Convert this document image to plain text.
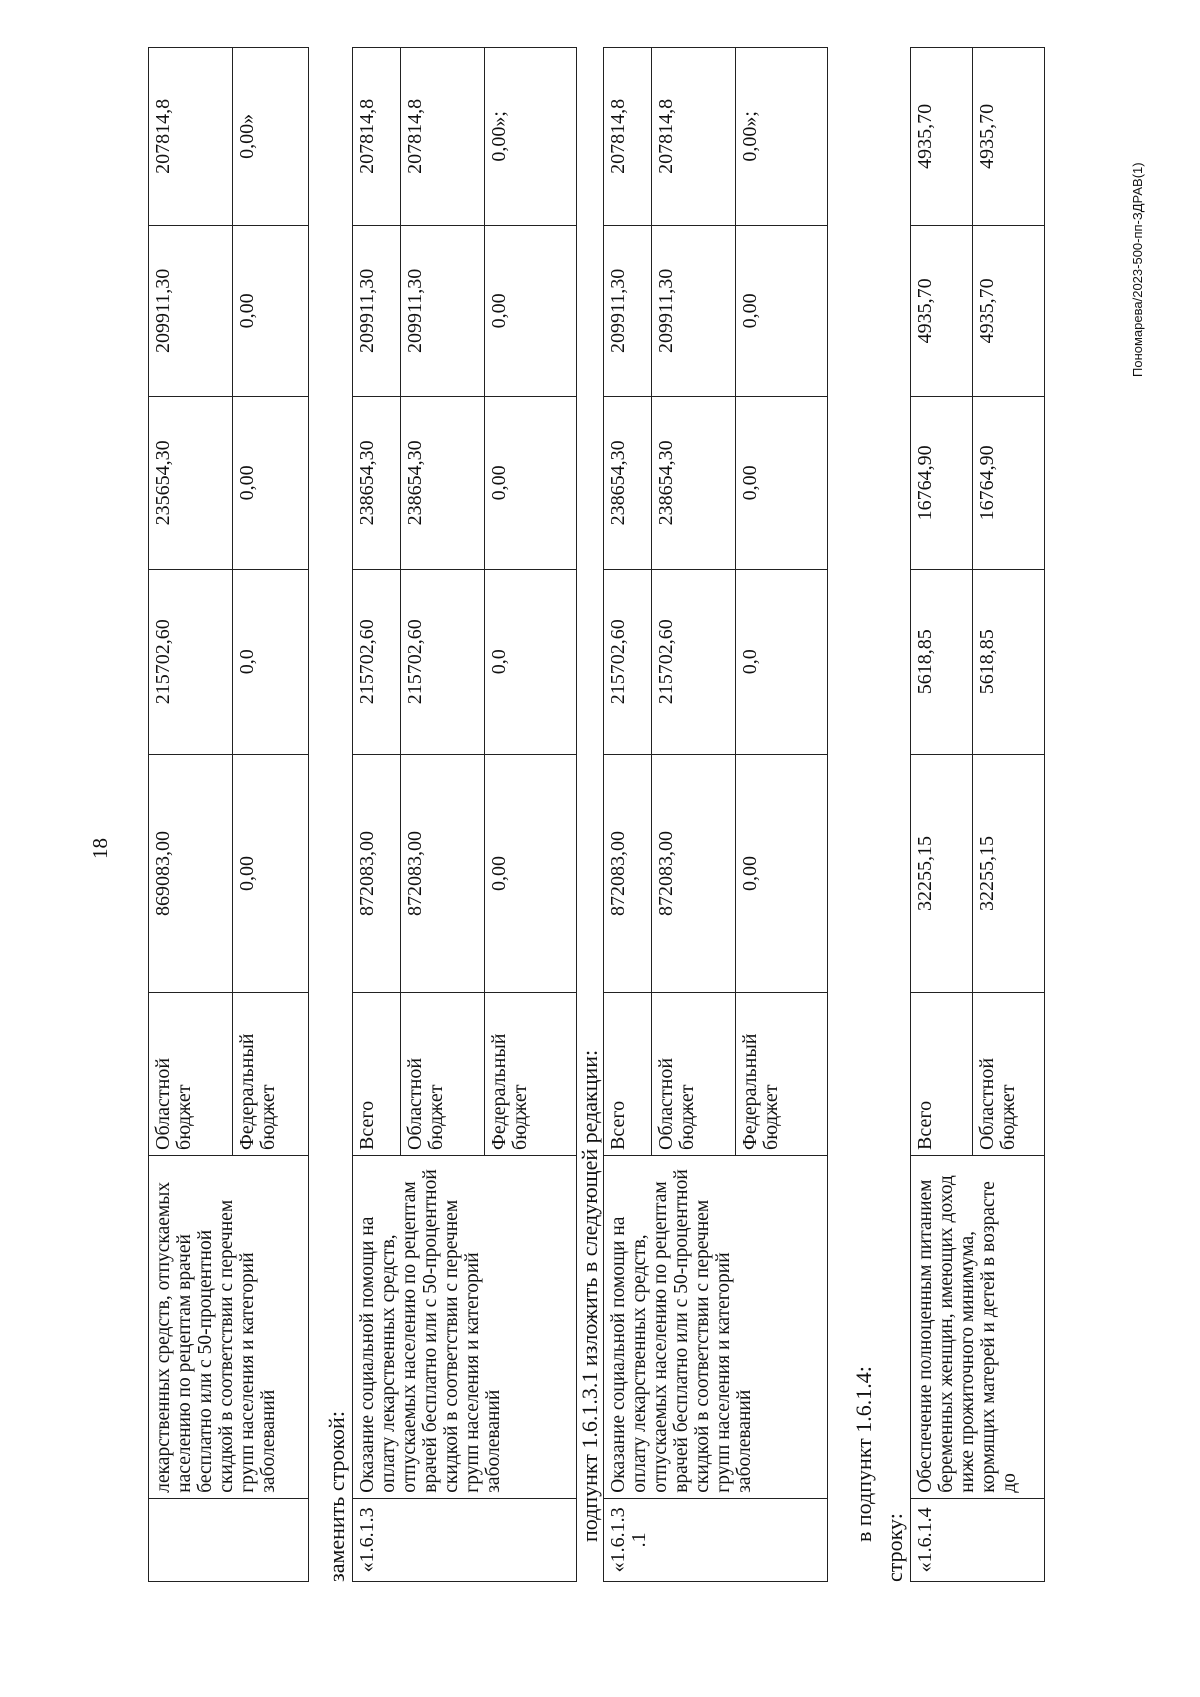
18
	лекарственных средств, отпускаемых населению по рецептам врачей бесплатно или с 50-процентной скидкой в соответствии с перечнем групп населения и категорий заболеваний	Областной бюджет	869083,00	215702,60	235654,30	209911,30	207814,8
		Федеральный бюджет	0,00	0,0	0,00	0,00	0,00»
заменить строкой: «1.6.1.3	Оказание социальной помощи на оплату лекарственных средств, отпускаемых населению по рецептам врачей бесплатно или с 50-процентной скидкой в соответствии с перечнем групп населения и категорий заболеваний	Всего	872083,00	215702,60	238654,30	209911,30	207814,8
		Областной бюджет	872083,00	215702,60	238654,30	209911,30	207814,8
		Федеральный бюджет	0,00	0,0	0,00	0,00	0,00»;
подпункт 1.6.1.3.1 изложить в следующей редакции: «1.6.1.3 .1	Оказание социальной помощи на оплату лекарственных средств, отпускаемых населению по рецептам врачей бесплатно или с 50-процентной скидкой в соответствии с перечнем групп населения и категорий заболеваний	Всего	872083,00	215702,60	238654,30	209911,30	207814,8
		Областной бюджет	872083,00	215702,60	238654,30	209911,30	207814,8
		Федеральный бюджет	0,00	0,0	0,00	0,00	0,00»;
в подпункт 1.6.1.4:
строку: «1.6.1.4	Обеспечение полноценным питанием беременных женщин, имеющих доход ниже прожиточного минимума, кормящих матерей и детей в возрасте до	Всего	32255,15	5618,85	16764,90	4935,70	4935,70
		Областной бюджет	32255,15	5618,85	16764,90	4935,70	4935,70
Пономарева/2023-500-пп-ЗДРАВ(1)
